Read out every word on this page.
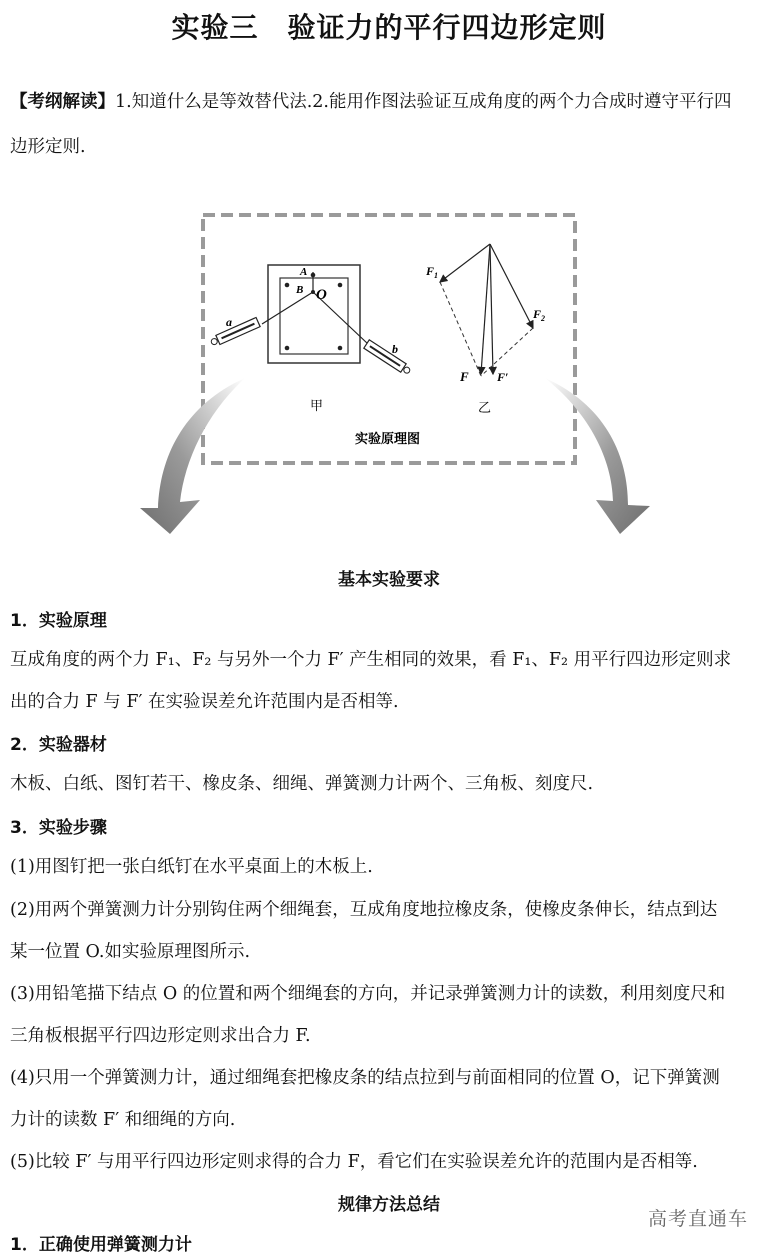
实验三　验证力的平行四边形定则
【考纲解读】1.知道什么是等效替代法.2.能用作图法验证互成角度的两个力合成时遵守平行四
边形定则.
A
B O
a
b
甲
$F_1$
$F_2$
F F′
乙
实验原理图
基本实验要求
1．实验原理
互成角度的两个力 F₁、F₂ 与另外一个力 F′ 产生相同的效果，看 F₁、F₂ 用平行四边形定则求
出的合力 F 与 F′ 在实验误差允许范围内是否相等.
2．实验器材
木板、白纸、图钉若干、橡皮条、细绳、弹簧测力计两个、三角板、刻度尺.
3．实验步骤
(1)用图钉把一张白纸钉在水平桌面上的木板上.
(2)用两个弹簧测力计分别钩住两个细绳套，互成角度地拉橡皮条，使橡皮条伸长，结点到达
某一位置 O.如实验原理图所示.
(3)用铅笔描下结点 O 的位置和两个细绳套的方向，并记录弹簧测力计的读数，利用刻度尺和
三角板根据平行四边形定则求出合力 F.
(4)只用一个弹簧测力计，通过细绳套把橡皮条的结点拉到与前面相同的位置 O，记下弹簧测
力计的读数 F′ 和细绳的方向.
(5)比较 F′ 与用平行四边形定则求得的合力 F，看它们在实验误差允许的范围内是否相等.
规律方法总结
1．正确使用弹簧测力计
高考直通车
